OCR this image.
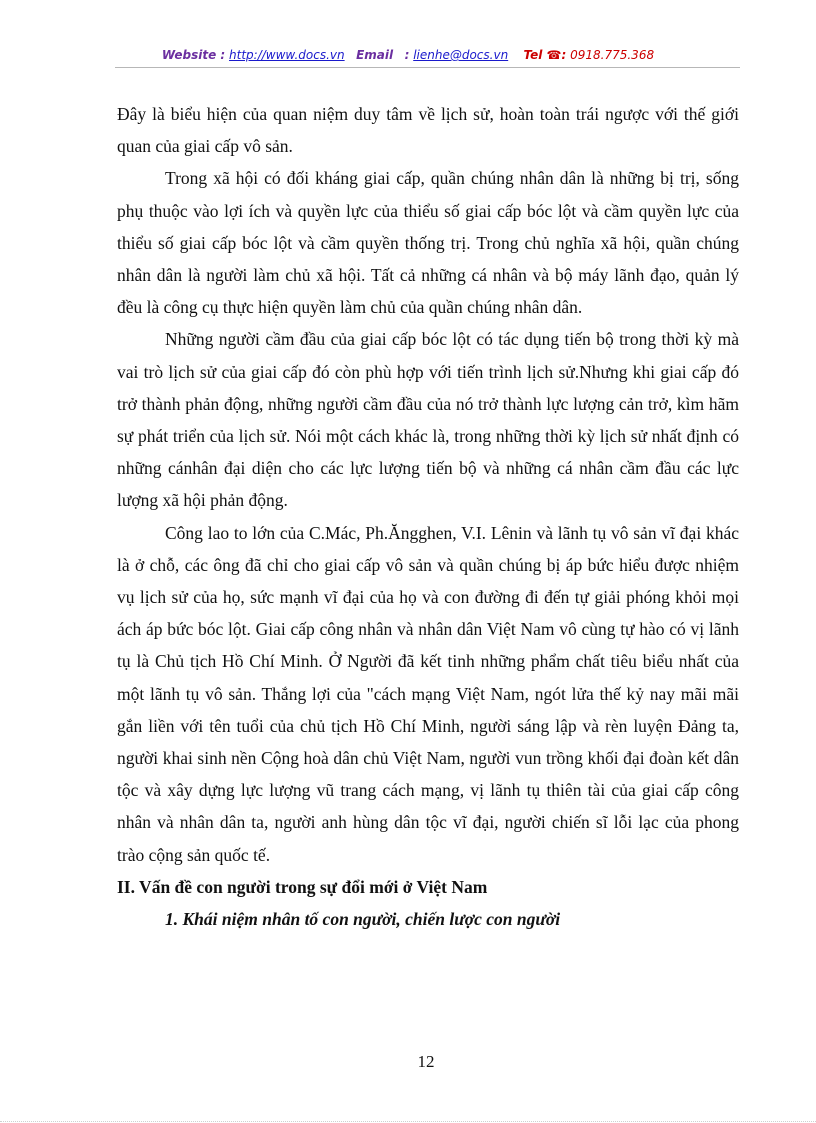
Website : http://www.docs.vn Email : lienhe@docs.vn Tel ☎: 0918.775.368

Đây là biểu hiện của quan niệm duy tâm về lịch sử, hoàn toàn trái ngược với thế giới quan của giai cấp vô sản.

Trong xã hội có đối kháng giai cấp, quần chúng nhân dân là những bị trị, sống phụ thuộc vào lợi ích và quyền lực của thiểu số giai cấp bóc lột và cầm quyền lực của thiểu số giai cấp bóc lột và cầm quyền thống trị. Trong chủ nghĩa xã hội, quần chúng nhân dân là người làm chủ xã hội. Tất cả những cá nhân và bộ máy lãnh đạo, quản lý đều là công cụ thực hiện quyền làm chủ của quần chúng nhân dân.

Những người cầm đầu của giai cấp bóc lột có tác dụng tiến bộ trong thời kỳ mà vai trò lịch sử của giai cấp đó còn phù hợp với tiến trình lịch sử.Nhưng khi giai cấp đó trở thành phản động, những người cầm đầu của nó trở thành lực lượng cản trở, kìm hãm sự phát triển của lịch sử. Nói một cách khác là, trong những thời kỳ lịch sử nhất định có những cánhân đại diện cho các lực lượng tiến bộ và những cá nhân cầm đầu các lực lượng xã hội phản động.

Công lao to lớn của C.Mác, Ph.Ăngghen, V.I. Lênin và lãnh tụ vô sản vĩ đại khác là ở chỗ, các ông đã chỉ cho giai cấp vô sản và quần chúng bị áp bức hiểu được nhiệm vụ lịch sử của họ, sức mạnh vĩ đại của họ và con đường đi đến tự giải phóng khỏi mọi ách áp bức bóc lột. Giai cấp công nhân và nhân dân Việt Nam vô cùng tự hào có vị lãnh tụ là Chủ tịch Hồ Chí Minh. Ở Người đã kết tinh những phẩm chất tiêu biểu nhất của một lãnh tụ vô sản. Thắng lợi của "cách mạng Việt Nam, ngót lửa thế kỷ nay mãi mãi gắn liền với tên tuổi của chủ tịch Hồ Chí Minh, người sáng lập và rèn luyện Đảng ta, người khai sinh nền Cộng hoà dân chủ Việt Nam, người vun trồng khối đại đoàn kết dân tộc và xây dựng lực lượng vũ trang cách mạng, vị lãnh tụ thiên tài của giai cấp công nhân và nhân dân ta, người anh hùng dân tộc vĩ đại, người chiến sĩ lỗi lạc của phong trào cộng sản quốc tế.

II. Vấn đề con người trong sự đổi mới ở Việt Nam

1. Khái niệm nhân tố con người, chiến lược con người

12
